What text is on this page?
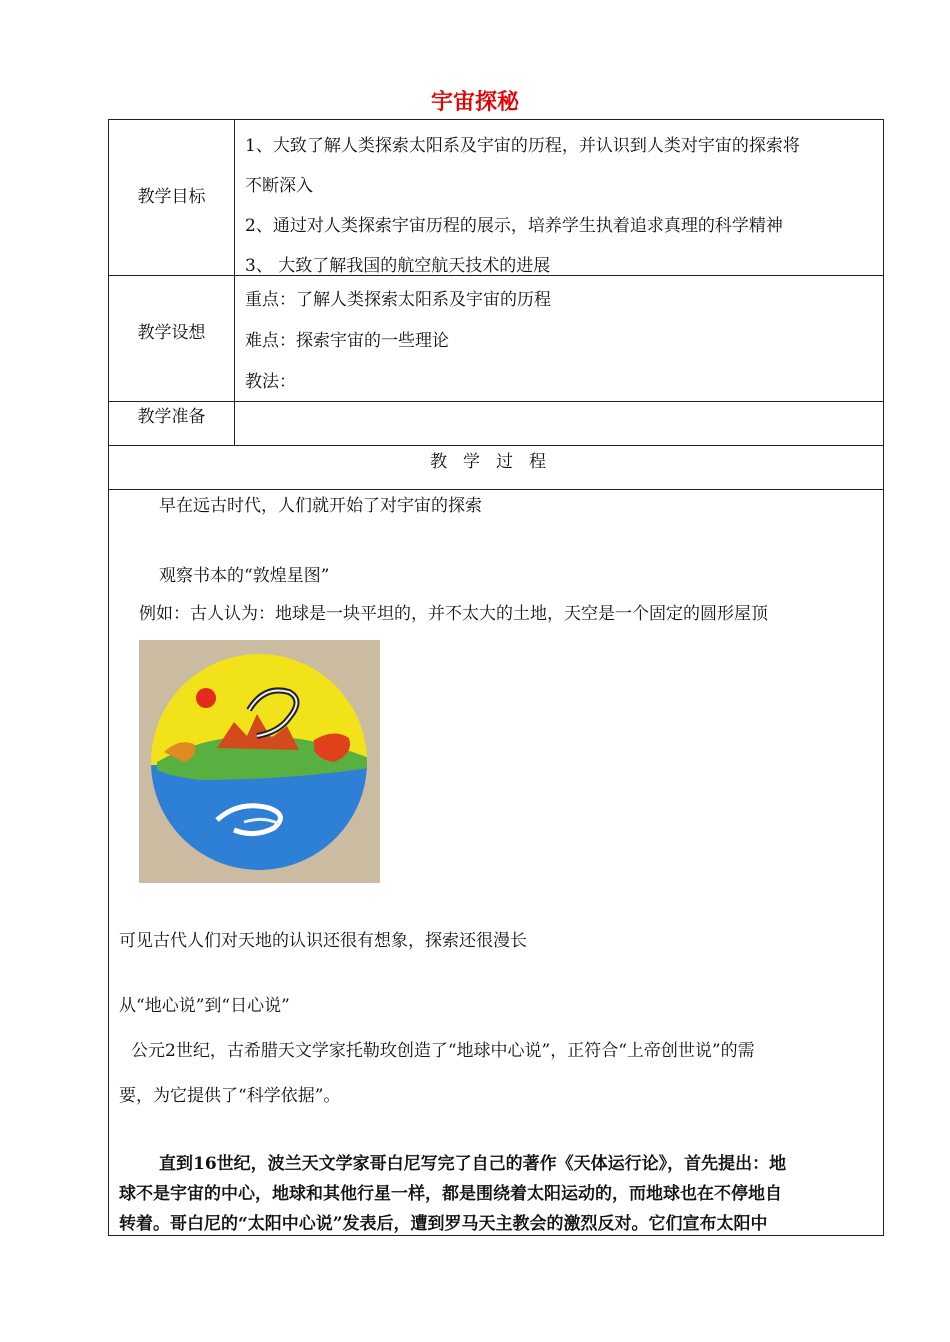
宇宙探秘
教学目标

1、大致了解人类探索太阳系及宇宙的历程，并认识到人类对宇宙的探索将

不断深入

2、通过对人类探索宇宙历程的展示，培养学生执着追求真理的科学精神

3、 大致了解我国的航空航天技术的进展

教学设想

重点：了解人类探索太阳系及宇宙的历程

难点：探索宇宙的一些理论

教法：

教学准备
教学过程
早在远古时代，人们就开始了对宇宙的探索
观察书本的“敦煌星图”
例如：古人认为：地球是一块平坦的，并不太大的土地，天空是一个固定的圆形屋顶
可见古代人们对天地的认识还很有想象，探索还很漫长
从“地心说”到“日心说”
公元2世纪，古希腊天文学家托勒玫创造了“地球中心说”，正符合“上帝创世说”的需
要，为它提供了“科学依据”。
直到16世纪，波兰天文学家哥白尼写完了自己的著作《天体运行论》，首先提出：地
球不是宇宙的中心，地球和其他行星一样，都是围绕着太阳运动的，而地球也在不停地自
转着。哥白尼的“太阳中心说”发表后，遭到罗马天主教会的激烈反对。它们宣布太阳中
